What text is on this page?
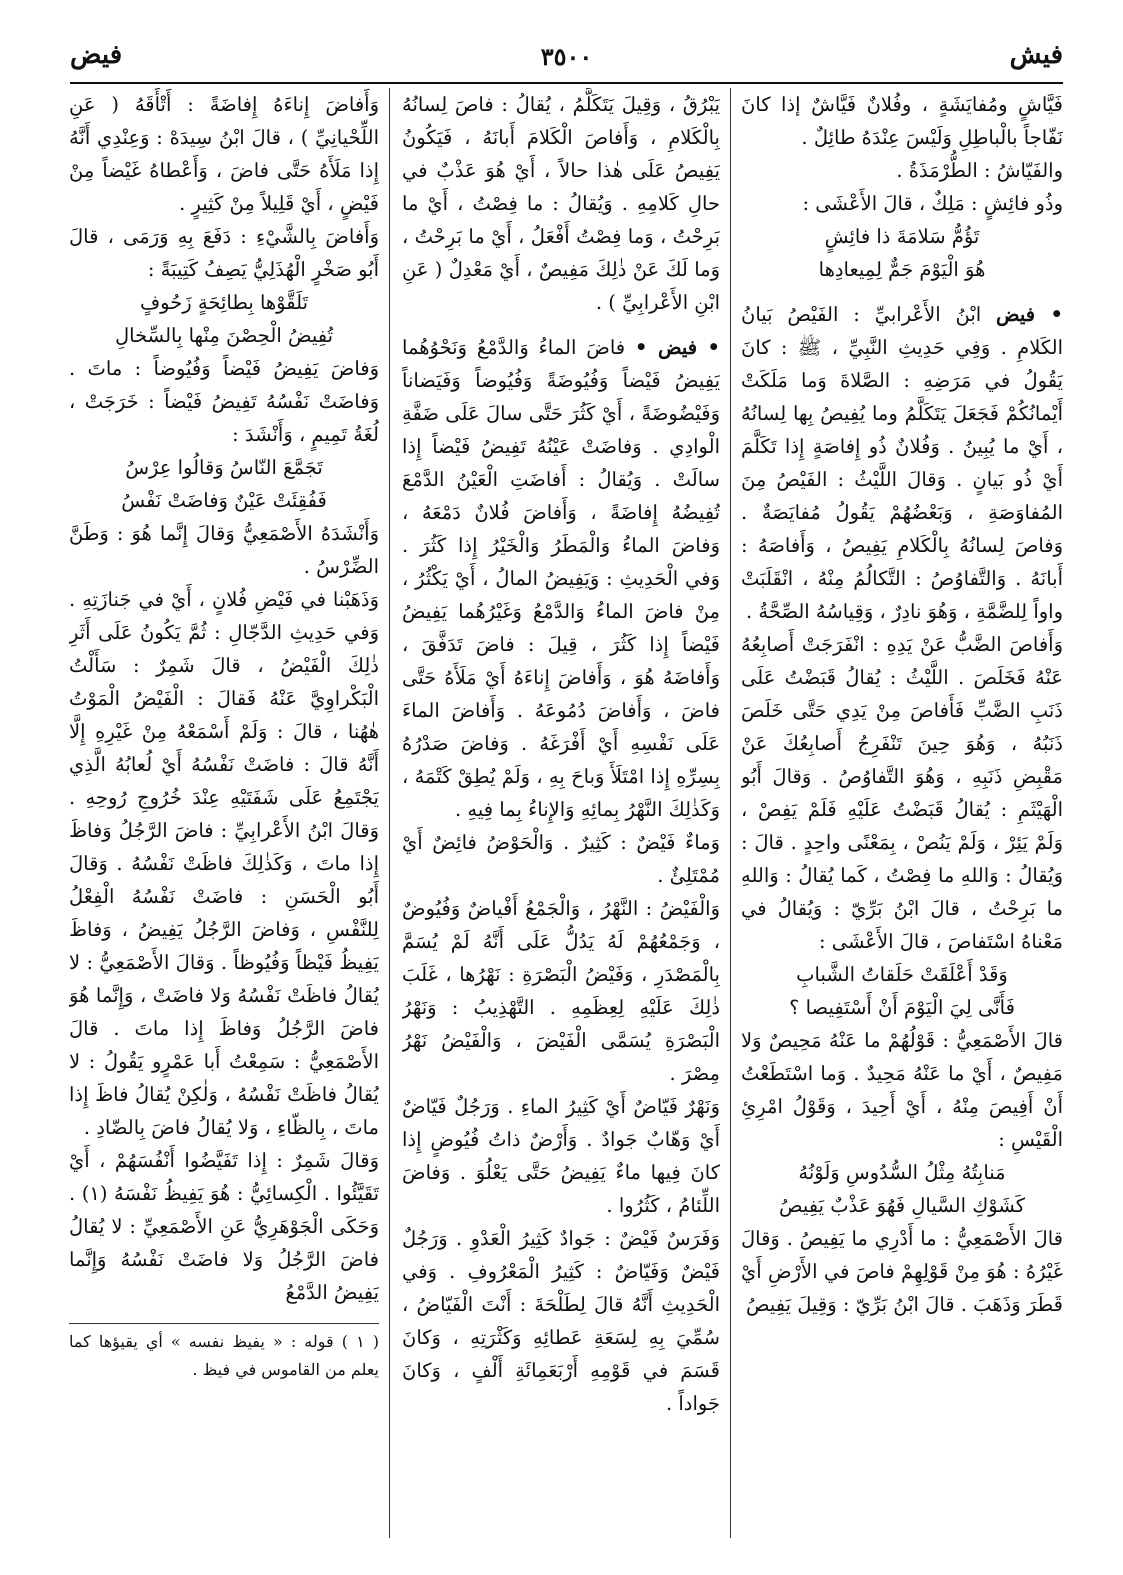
فيش
٣٥٠٠
فيض

فَيَّاشٍ ومُفايَشَةٍ ، وفُلانٌ فَيَّاشٌ إذا كانَ نَفّاجاً بالْباطِلِ وَلَيْسَ عِنْدَهُ طائِلٌ .

والفَيّاشُ : الطُّرْمَذَةُ .

وذُو فائِشٍ : مَلِكٌ ، قالَ الأَعْشَى :

تَؤُمُّ سَلامَةَ ذا فائِشٍ

هُوَ الْيَوْمَ جَمٌّ لِمِيعادِها

• فيض ابْنُ الأَعْرابيِّ : الفَيْصُ بَيانُ الكَلامِ . وَفِي حَدِيثِ النَّبِيِّ ، ﷺ : كانَ يَقُولُ في مَرَضِهِ : الصَّلاةَ وَما مَلَكَتْ أَيْمانُكُمْ فَجَعَلَ يَتَكَلَّمُ وما يُفِيصُ بِها لِسانُهُ ، أَيْ ما يُبِينُ . وَفُلانٌ ذُو إِفاصَةٍ إِذا تَكَلَّمَ أَيْ ذُو بَيانٍ . وَقالَ اللَّيْثُ : الفَيْصُ مِنَ المُفاوَصَةِ ، وَبَعْضُهُمْ يَقُولُ مُفايَصَةٌ . وَفاصَ لِسانُهُ بِالْكَلامِ يَفِيصُ ، وَأَفاصَهُ : أَبانَهُ . وَالتَّفاوُصُ : التَّكالُمُ مِنْهُ ، انْقَلَبَتْ واواً لِلضَّمَّةِ ، وَهُوَ نادِرٌ ، وَقِياسُهُ الصِّحَّةُ .

وَأَفاصَ الضَّبُّ عَنْ يَدِهِ : انْفَرَجَتْ أَصابِعُهُ عَنْهُ فَخَلَصَ . اللَّيْثُ : يُقالُ قَبَضْتُ عَلَى ذَنَبِ الضَّبِّ فَأَفاصَ مِنْ يَدِي حَتَّى خَلَصَ ذَنَبُهُ ، وَهُوَ حِينَ تَنْفَرِجُ أَصابِعُكَ عَنْ مَقْبِضِ ذَنَبِهِ ، وَهُوَ التَّفاوُصُ . وَقالَ أَبُو الْهَيْثَمِ : يُقالُ قَبَضْتُ عَلَيْهِ فَلَمْ يَفِصْ ، وَلَمْ يَئِرْ ، وَلَمْ يَنُصْ ، بِمَعْنًى واحِدٍ . قالَ : وَيُقالُ : وَاللهِ ما فِصْتُ ، كَما يُقالُ : وَاللهِ ما بَرِحْتُ ، قالَ ابْنُ بَرِّيّ : وَيُقالُ في مَعْناهُ اسْتَفاصَ ، قالَ الأَعْشَى :

وَقَدْ أَعْلَقَتْ حَلَقاتُ الشَّبابِ

فَأَنَّى لِيَ الْيَوْمَ أَنْ أَسْتَفِيصا ؟

قالَ الأَصْمَعِيُّ : قَوْلُهُمْ ما عَنْهُ مَحِيصٌ وَلا مَفِيصٌ ، أَيْ ما عَنْهُ مَحِيدٌ . وَما اسْتَطَعْتُ أَنْ أَفِيصَ مِنْهُ ، أَيْ أَحِيدَ ، وَقَوْلُ امْرِئِ الْقَيْسِ :

مَنابِتُهُ مِثْلُ السُّدُوسِ وَلَوْنُهُ

كَشَوْكِ السَّيالِ فَهُوَ عَذْبٌ يَفِيصُ

قالَ الأَصْمَعِيُّ : ما أَدْرِي ما يَفِيصُ . وَقالَ غَيْرُهُ : هُوَ مِنْ قَوْلِهِمْ فاصَ في الأَرْضِ أَيْ قَطَرَ وَذَهَبَ . قالَ ابْنُ بَرِّيّ : وَقِيلَ يَفِيصُ

يَبْرُقُ ، وَقِيلَ يَتَكَلَّمُ ، يُقالُ : فاصَ لِسانُهُ بِالْكَلامِ ، وَأَفاصَ الْكَلامَ أَبانَهُ ، فَيَكُونُ يَفِيصُ عَلَى هٰذا حالاً ، أَيْ هُوَ عَذْبٌ في حالِ كَلامِهِ . وَيُقالُ : ما فِصْتُ ، أَيْ ما بَرِحْتُ ، وَما فِصْتُ أَفْعَلُ ، أَيْ ما بَرِحْتُ ، وَما لَكَ عَنْ ذٰلِكَ مَفِيصٌ ، أَيْ مَعْدِلٌ ( عَنِ ابْنِ الأَعْرابِيِّ ) .

• فيض • فاضَ الماءُ وَالدَّمْعُ وَنَحْوُهُما يَفِيضُ فَيْضاً وَفُيُوضَةً وَفُيُوضاً وَفَيَضاناً وَفَيْضُوضَةً ، أَيْ كَثُرَ حَتَّى سالَ عَلَى ضَفَّةِ الْوادِي . وَفاضَتْ عَيْنُهُ تَفِيضُ فَيْضاً إِذا سالَتْ . وَيُقالُ : أَفاضَتِ الْعَيْنُ الدَّمْعَ تُفِيضُهُ إِفاضَةً ، وَأَفاضَ فُلانٌ دَمْعَهُ ، وَفاضَ الماءُ وَالْمَطَرُ وَالْخَيْرُ إِذا كَثُرَ . وَفي الْحَدِيثِ : وَيَفِيضُ المالُ ، أَيْ يَكْثُرُ ، مِنْ فاضَ الماءُ وَالدَّمْعُ وَغَيْرُهُما يَفِيضُ فَيْضاً إِذا كَثُرَ ، قِيلَ : فاضَ تَدَفَّقَ ، وَأَفاضَهُ هُوَ ، وَأَفاضَ إِناءَهُ أَيْ مَلَأَهُ حَتَّى فاضَ ، وَأَفاضَ دُمُوعَهُ . وَأَفاضَ الماءَ عَلَى نَفْسِهِ أَيْ أَفْرَغَهُ . وَفاضَ صَدْرُهُ بِسِرِّهِ إِذا امْتَلَأَ وَباحَ بِهِ ، وَلَمْ يُطِقْ كَتْمَهُ ، وَكَذٰلِكَ النَّهْرُ بِمائِهِ وَالإِناءُ بِما فِيهِ .

وَماءٌ فَيْضٌ : كَثِيرٌ . وَالْحَوْضُ فائِضٌ أَيْ مُمْتَلِئٌ .

وَالْفَيْضُ : النَّهْرُ ، وَالْجَمْعُ أَفْياضٌ وَفُيُوضٌ ، وَجَمْعُهُمْ لَهُ يَدُلُّ عَلَى أَنَّهُ لَمْ يُسَمَّ بِالْمَصْدَرِ ، وَفَيْضُ الْبَصْرَةِ : نَهْرُها ، غَلَبَ ذٰلِكَ عَلَيْهِ لِعِظَمِهِ . التَّهْذِيبُ : وَنَهْرُ الْبَصْرَةِ يُسَمَّى الْفَيْضَ ، وَالْفَيْضُ نَهْرُ مِصْرَ .

وَنَهْرٌ فَيّاضٌ أَيْ كَثِيرُ الماءِ . وَرَجُلٌ فَيّاضٌ أَيْ وَهّابٌ جَوادٌ . وَأَرْضٌ ذاتُ فُيُوضٍ إِذا كانَ فِيها ماءٌ يَفِيضُ حَتَّى يَعْلُوَ . وَفاضَ اللِّئامُ ، كَثُرُوا .

وَفَرَسٌ فَيْضٌ : جَوادٌ كَثِيرُ الْعَدْوِ . وَرَجُلٌ فَيْضٌ وَفَيّاضٌ : كَثِيرُ الْمَعْرُوفِ . وَفي الْحَدِيثِ أَنَّهُ قالَ لِطَلْحَةَ : أَنْتَ الْفَيّاضُ ، سُمِّيَ بِهِ لِسَعَةِ عَطائِهِ وَكَثْرَتِهِ ، وَكانَ قَسَمَ في قَوْمِهِ أَرْبَعَمِائَةِ أَلْفٍ ، وَكانَ جَواداً .

وَأَفاضَ إِناءَهُ إِفاضَةً : أَتْأَقَهُ ( عَنِ اللِّحْيانِيِّ ) ، قالَ ابْنُ سِيدَهْ : وَعِنْدِي أَنَّهُ إِذا مَلَأَهُ حَتَّى فاضَ ، وَأَعْطاهُ غَيْضاً مِنْ فَيْضٍ ، أَيْ قَلِيلاً مِنْ كَثِيرٍ .

وَأَفاضَ بِالشَّيْءِ : دَفَعَ بِهِ وَرَمَى ، قالَ أَبُو صَخْرٍ الْهُذَلِيُّ يَصِفُ كَتِيبَةً :

تَلَقَّوْها بِطائِحَةٍ زَحُوفٍ

تُفِيضُ الْحِصْنَ مِنْها بِالسِّخالِ

وَفاضَ يَفِيضُ فَيْضاً وَفُيُوضاً : ماتَ . وَفاضَتْ نَفْسُهُ تَفِيضُ فَيْضاً : خَرَجَتْ ، لُغَةُ تَمِيمٍ ، وَأَنْشَدَ :

تَجَمَّعَ النّاسُ وَقالُوا عِرْسُ

فَفُقِئَتْ عَيْنٌ وَفاضَتْ نَفْسُ

وَأَنْشَدَهُ الأَصْمَعِيُّ وَقالَ إِنَّما هُوَ : وَطَنَّ الضِّرْسُ .

وَذَهَبْنا في فَيْضِ فُلانٍ ، أَيْ في جَنازَتِهِ . وَفي حَدِيثِ الدَّجّالِ : ثُمَّ يَكُونُ عَلَى أَثَرِ ذٰلِكَ الْفَيْضُ ، قالَ شَمِرٌ : سَأَلْتُ الْبَكْراوِيَّ عَنْهُ فَقالَ : الْفَيْضُ الْمَوْتُ هٰهُنا ، قالَ : وَلَمْ أَسْمَعْهُ مِنْ غَيْرِهِ إِلَّا أَنَّهُ قالَ : فاضَتْ نَفْسُهُ أَيْ لُعابُهُ الَّذِي يَجْتَمِعُ عَلَى شَفَتَيْهِ عِنْدَ خُرُوجِ رُوحِهِ . وَقالَ ابْنُ الأَعْرابِيِّ : فاضَ الرَّجُلُ وَفاظَ إِذا ماتَ ، وَكَذٰلِكَ فاظَتْ نَفْسُهُ . وَقالَ أَبُو الْحَسَنِ : فاضَتْ نَفْسُهُ الْفِعْلُ لِلنَّفْسِ ، وَفاضَ الرَّجُلُ يَفِيضُ ، وَفاظَ يَفِيظُ فَيْظاً وَفُيُوظاً . وَقالَ الأَصْمَعِيُّ : لا يُقالُ فاظَتْ نَفْسُهُ وَلا فاضَتْ ، وَإِنَّما هُوَ فاضَ الرَّجُلُ وَفاظَ إِذا ماتَ . قالَ الأَصْمَعِيُّ : سَمِعْتُ أَبا عَمْرٍو يَقُولُ : لا يُقالُ فاظَتْ نَفْسُهُ ، وَلٰكِنْ يُقالُ فاظَ إِذا ماتَ ، بِالظّاءِ ، وَلا يُقالُ فاضَ بِالضّادِ .

وَقالَ شَمِرٌ : إِذا تَفَيَّضُوا أَنْفُسَهُمْ ، أَيْ تَقَيَّئُوا . الْكِسائِيُّ : هُوَ يَفِيظُ نَفْسَهُ (١) . وَحَكَى الْجَوْهَرِيُّ عَنِ الأَصْمَعِيِّ : لا يُقالُ فاضَ الرَّجُلُ وَلا فاضَتْ نَفْسُهُ وَإِنَّما يَفِيضُ الدَّمْعُ

( ١ ) قوله : « يفيظ نفسه » أي يقيؤها كما يعلم من القاموس في فيظ .
